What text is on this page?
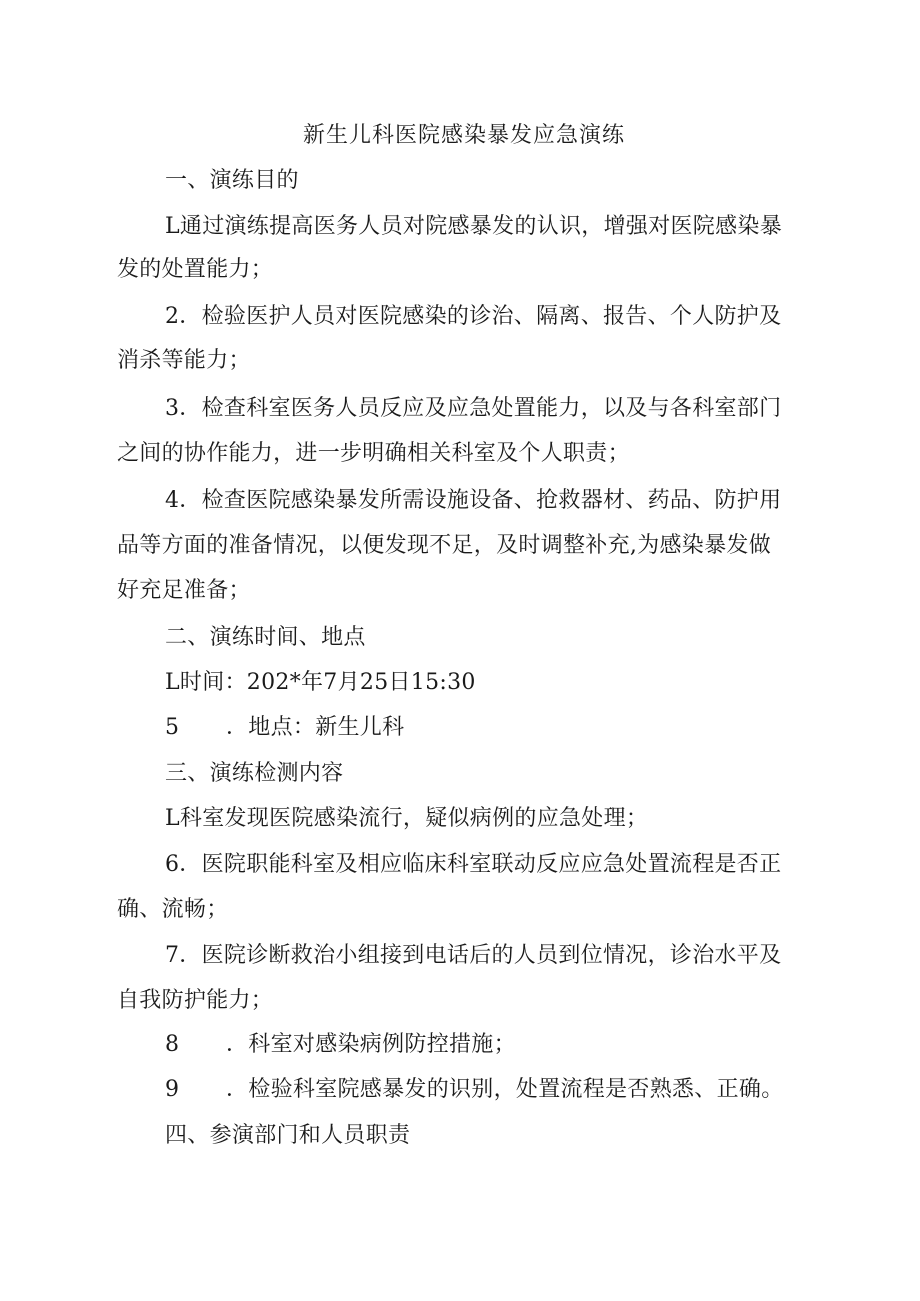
新生儿科医院感染暴发应急演练
一、演练目的
L通过演练提高医务人员对院感暴发的认识，增强对医院感染暴
发的处置能力；
2．检验医护人员对医院感染的诊治、隔离、报告、个人防护及
消杀等能力；
3．检查科室医务人员反应及应急处置能力，以及与各科室部门
之间的协作能力，进一步明确相关科室及个人职责；
4．检查医院感染暴发所需设施设备、抢救器材、药品、防护用
品等方面的准备情况，以便发现不足，及时调整补充,为感染暴发做
好充足准备；
二、演练时间、地点
L时间：202*年7月25日15:30
5 ．地点：新生儿科
三、演练检测内容
L科室发现医院感染流行，疑似病例的应急处理；
6．医院职能科室及相应临床科室联动反应应急处置流程是否正
确、流畅；
7．医院诊断救治小组接到电话后的人员到位情况，诊治水平及
自我防护能力；
8 ．科室对感染病例防控措施；
9 ．检验科室院感暴发的识别，处置流程是否熟悉、正确。
四、参演部门和人员职责
